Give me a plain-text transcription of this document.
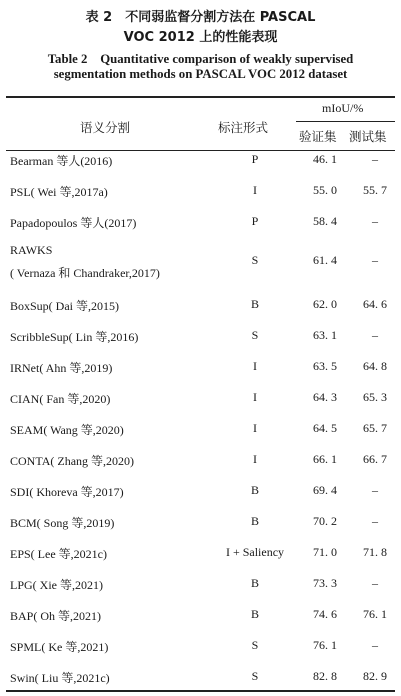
表 2　不同弱监督分割方法在 PASCAL
VOC 2012 上的性能表现
Table 2　Quantitative comparison of weakly supervised
segmentation methods on PASCAL VOC 2012 dataset
语义分割	标注形式
mIoU/%
验证集 测试集
Bearman 等人(2016)	P	46. 1	–
PSL( Wei 等,2017a)	I	55. 0	55. 7
Papadopoulos 等人(2017)	P	58. 4	–
RAWKS
( Vernaza 和 Chandraker,2017)
S	61. 4	–
BoxSup( Dai 等,2015)	B	62. 0	64. 6
ScribbleSup( Lin 等,2016)	S	63. 1	–
IRNet( Ahn 等,2019)	I	63. 5	64. 8
CIAN( Fan 等,2020)	I	64. 3	65. 3
SEAM( Wang 等,2020)	I	64. 5	65. 7
CONTA( Zhang 等,2020)	I	66. 1	66. 7
SDI( Khoreva 等,2017)	B	69. 4	–
BCM( Song 等,2019)	B	70. 2	–
EPS( Lee 等,2021c)	I + Saliency	71. 0	71. 8
LPG( Xie 等,2021)	B	73. 3	–
BAP( Oh 等,2021)	B	74. 6	76. 1
SPML( Ke 等,2021)	S	76. 1	–
Swin( Liu 等,2021c)	S	82. 8	82. 9
